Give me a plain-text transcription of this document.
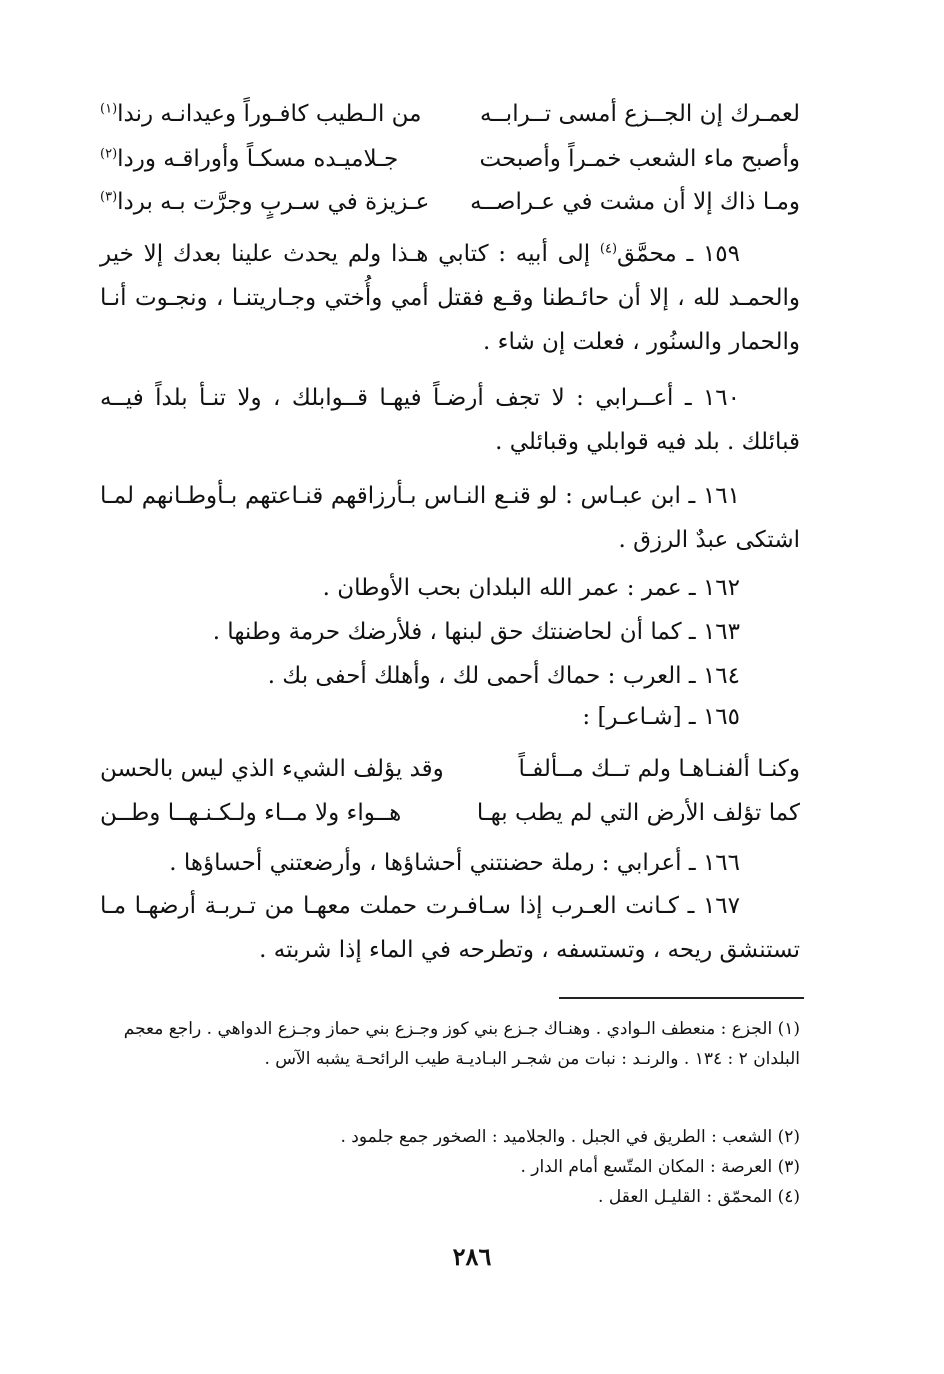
لعمـرك إن الجــزع أمسى تــرابــه
من الـطيب كافـوراً وعيدانـه رندا$^{(١)}$
وأصبح ماء الشعب خمـراً وأصبحت
جـلاميـده مسكـاً وأوراقـه وردا$^{(٢)}$
ومـا ذاك إلا أن مشت في عـراصــه
عـزيزة في سـربٍ وجرَّت بـه بردا$^{(٣)}$
١٥٩ ـ محمَّق$^{(٤)}$ إلى أبيه : كتابي هـذا ولم يحدث علينا بعدك إلا خير والحمـد لله ، إلا أن حائـطنا وقـع فقتل أمي وأُختي وجـاريتنـا ، ونجـوت أنـا والحمار والسنُور ، فعلت إن شاء .
١٦٠ ـ أعــرابي : لا تجف أرضـاً فيهـا قــوابلك ، ولا تنـأ بلداً فيــه قبائلك . بلد فيه قوابلي وقبائلي .
١٦١ ـ ابن عبـاس : لو قنـع النـاس بـأرزاقهم قنـاعتهم بـأوطـانهم لمـا اشتكى عبدٌ الرزق .
١٦٢ ـ عمر : عمر الله البلدان بحب الأوطان .
١٦٣ ـ كما أن لحاضنتك حق لبنها ، فلأرضك حرمة وطنها .
١٦٤ ـ العرب : حماك أحمى لك ، وأهلك أحفى بك .
١٦٥ ـ [شـاعـر] :
وكنـا ألفنـاهـا ولم تــك مــألفـاً
وقد يؤلف الشيء الذي ليس بالحسن
كما تؤلف الأرض التي لم يطب بهـا
هــواء ولا مــاء ولـكـنـهــا وطــن
١٦٦ ـ أعرابي : رملة حضنتني أحشاؤها ، وأرضعتني أحساؤها .
١٦٧ ـ كـانت العـرب إذا سـافـرت حملت معهـا من تـربـة أرضهـا مـا تستنشق ريحه ، وتستسفه ، وتطرحه في الماء إذا شربته .
(١) الجزع : منعطف الـوادي . وهنـاك جـزع بني كوز وجـزع بني حماز وجـزع الدواهي . راجع معجم البلدان ٢ : ١٣٤ . والرنـد : نبات من شجـر البـاديـة طيب الرائحـة يشبه الآس .
(٢) الشعب : الطريق في الجبل . والجلاميد : الصخور جمع جلمود .
(٣) العرصة : المكان المتّسع أمام الدار .
(٤) المحمّق : القليـل العقل .
٢٨٦
